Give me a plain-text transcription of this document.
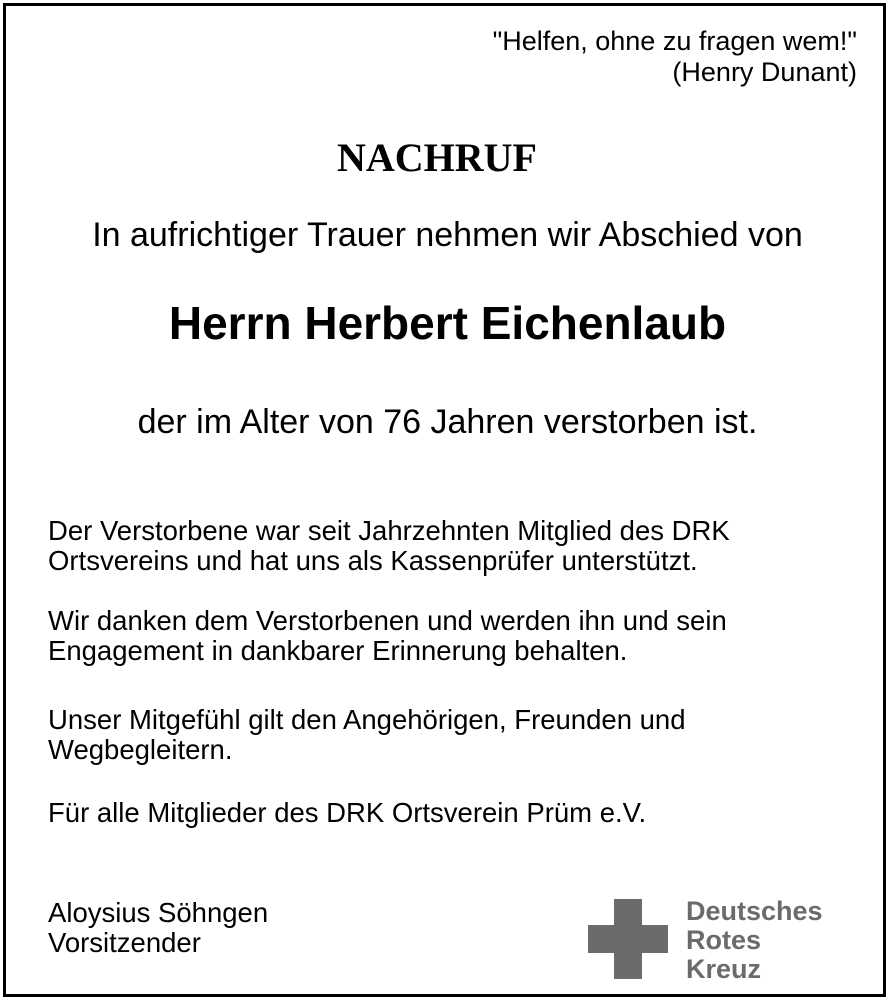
"Helfen, ohne zu fragen wem!"
(Henry Dunant)
NACHRUF
In aufrichtiger Trauer nehmen wir Abschied von
Herrn Herbert Eichenlaub
der im Alter von 76 Jahren verstorben ist.

Der Verstorbene war seit Jahrzehnten Mitglied des DRK
Ortsvereins und hat uns als Kassenprüfer unterstützt.

Wir danken dem Verstorbenen und werden ihn und sein
Engagement in dankbarer Erinnerung behalten.

Unser Mitgefühl gilt den Angehörigen, Freunden und
Wegbegleitern.

Für alle Mitglieder des DRK Ortsverein Prüm e.V.

Aloysius Söhngen
Vorsitzender
Deutsches
Rotes
Kreuz
